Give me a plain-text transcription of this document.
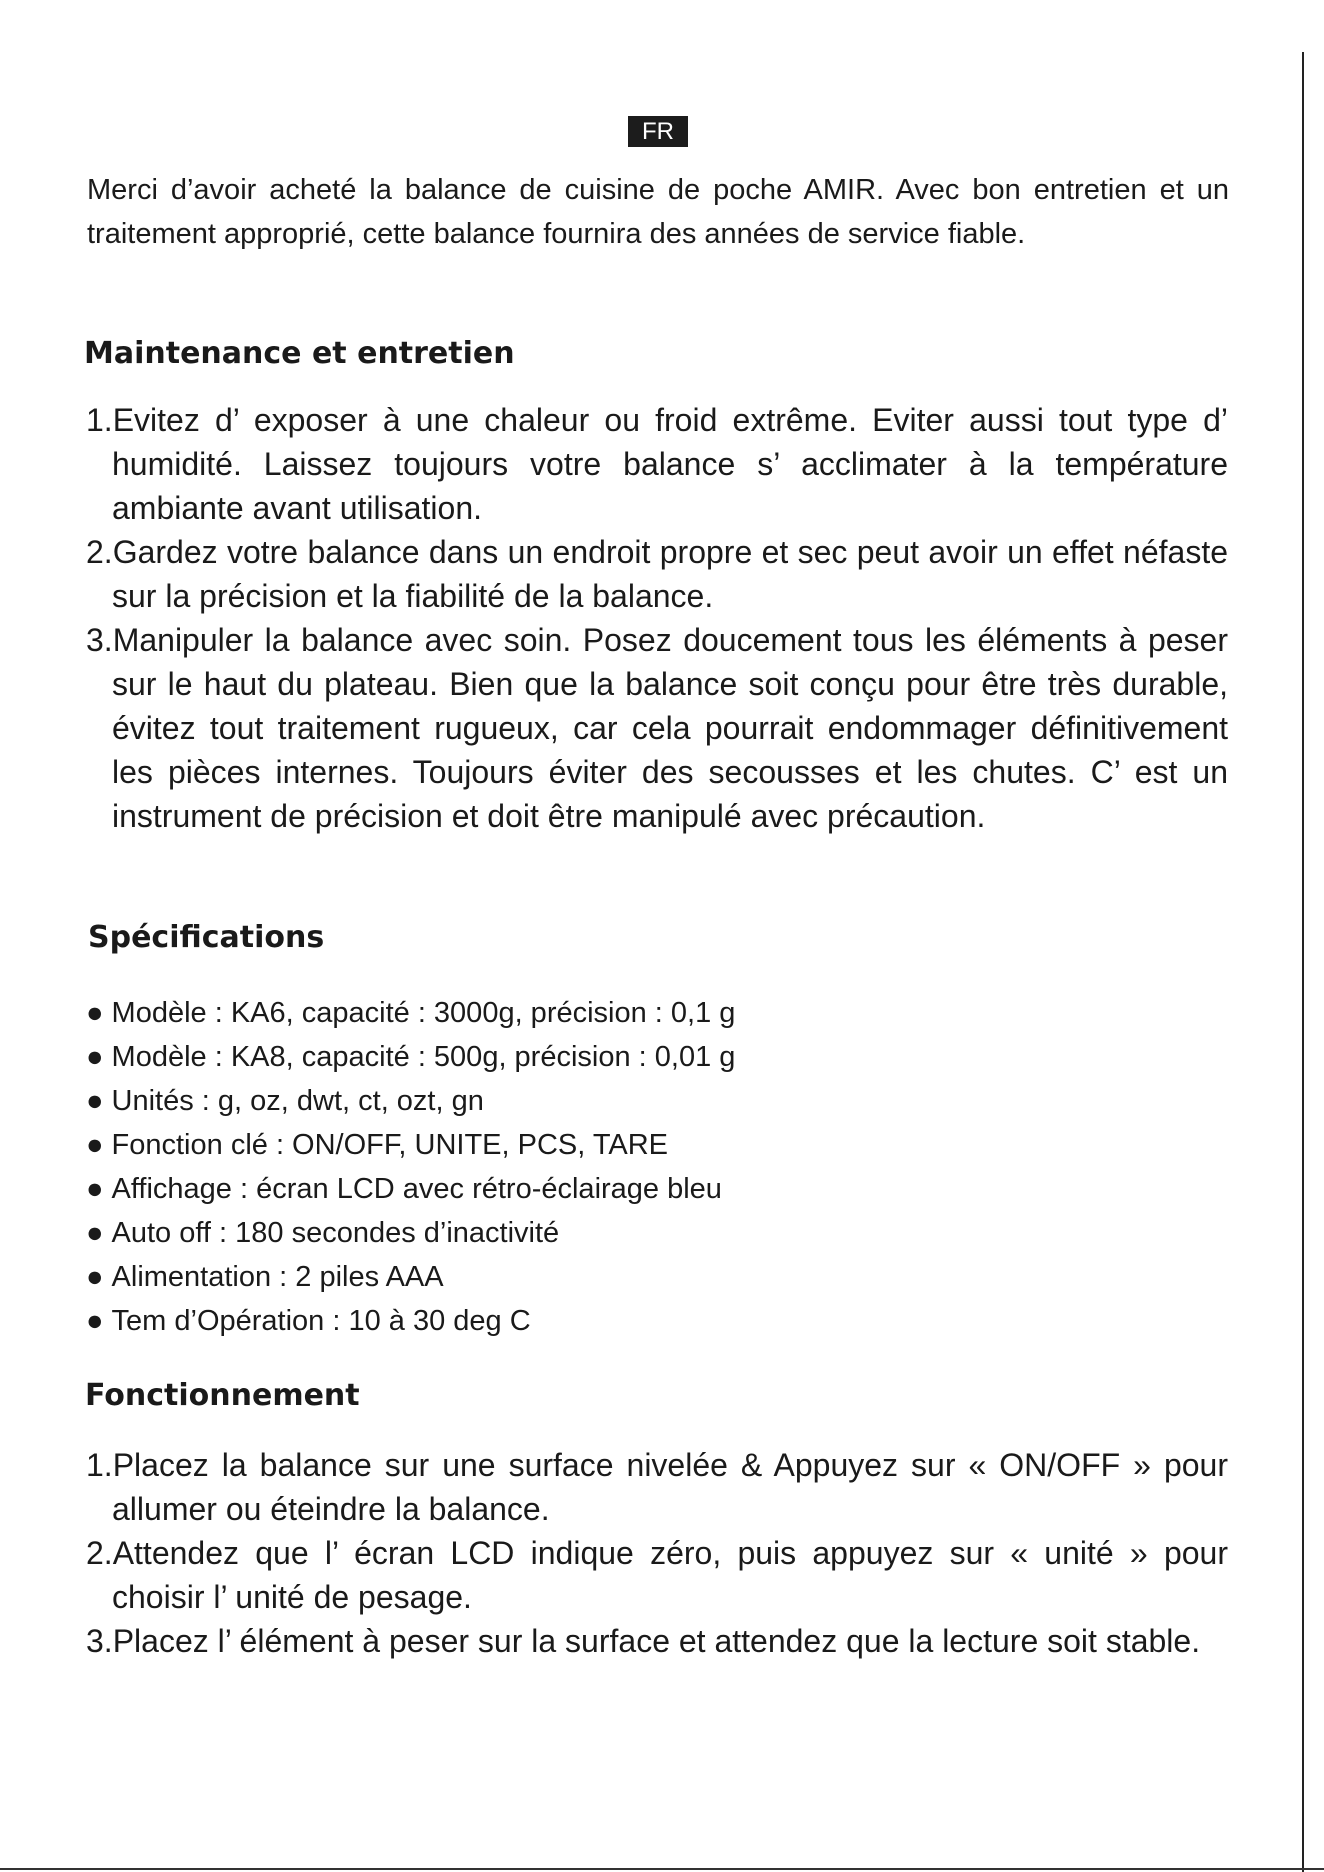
FR

Merci d’avoir acheté la balance de cuisine de poche AMIR. Avec bon entretien et un traitement approprié, cette balance fournira des années de service fiable.

Maintenance et entretien
1.Evitez d’ exposer à une chaleur ou froid extrême. Eviter aussi tout type d’ humidité. Laissez toujours votre balance s’ acclimater à la température ambiante avant utilisation.
2.Gardez votre balance dans un endroit propre et sec peut avoir un effet néfaste sur la précision et la fiabilité de la balance.
3.Manipuler la balance avec soin. Posez doucement tous les éléments à peser sur le haut du plateau. Bien que la balance soit conçu pour être très durable, évitez tout traitement rugueux, car cela pourrait endommager définitivement les pièces internes. Toujours éviter des secousses et les chutes. C’ est un instrument de précision et doit être manipulé avec précaution.
Spécifications
● Modèle : KA6, capacité : 3000g, précision : 0,1 g
● Modèle : KA8, capacité : 500g, précision : 0,01 g
● Unités : g, oz, dwt, ct, ozt, gn
● Fonction clé : ON/OFF, UNITE, PCS, TARE
● Affichage : écran LCD avec rétro-éclairage bleu
● Auto off : 180 secondes d’inactivité
● Alimentation : 2 piles AAA
● Tem d’Opération : 10 à 30 deg C
Fonctionnement
1.Placez la balance sur une surface nivelée & Appuyez sur « ON/OFF » pour allumer ou éteindre la balance.
2.Attendez que l’ écran LCD indique zéro, puis appuyez sur « unité » pour choisir l’ unité de pesage.
3.Placez l’ élément à peser sur la surface et attendez que la lecture soit stable.
